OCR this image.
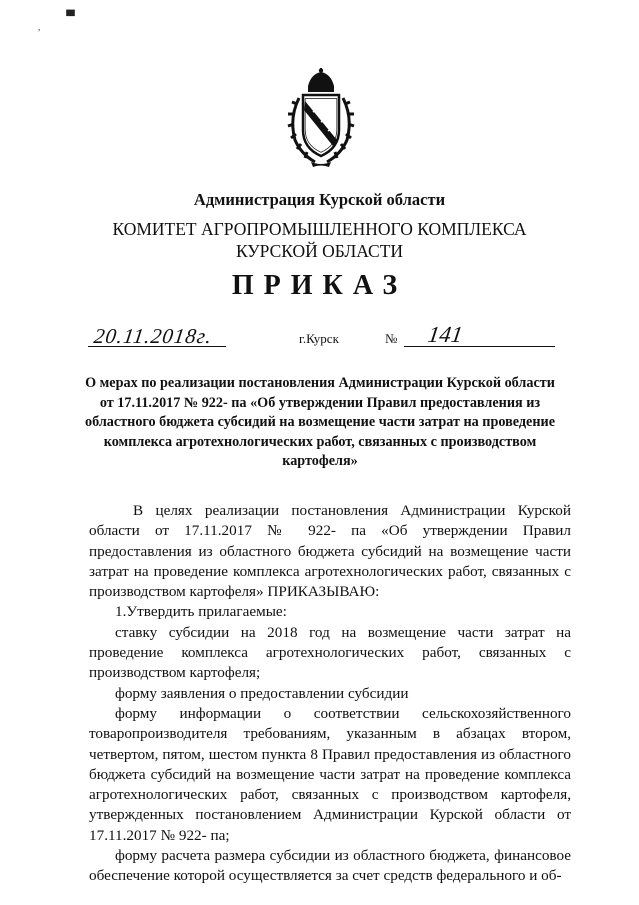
▝▘
,
Администрация Курской области
КОМИТЕТ АГРОПРОМЫШЛЕННОГО КОМПЛЕКСА
КУРСКОЙ ОБЛАСТИ
ПРИКАЗ
20.11.2018г.	г.Курск	№ 141
О мерах по реализации постановления Администрации Курской области от 17.11.2017 № 922- па «Об утверждении Правил предоставления из областного бюджета субсидий на возмещение части затрат на проведение комплекса агротехнологических работ, связанных с производством картофеля»

В целях реализации постановления Администрации Курской области от 17.11.2017 № 922- па «Об утверждении Правил предоставления из областного бюджета субсидий на возмещение части затрат на проведение комплекса агротехнологических работ, связанных с производством картофеля» ПРИКАЗЫВАЮ:

1.Утвердить прилагаемые:

ставку субсидии на 2018 год на возмещение части затрат на проведение комплекса агротехнологических работ, связанных с производством картофеля;

форму заявления о предоставлении субсидии

форму информации о соответствии сельскохозяйственного товаропроизводителя требованиям, указанным в абзацах втором, четвертом, пятом, шестом пункта 8 Правил предоставления из областного бюджета субсидий на возмещение части затрат на проведение комплекса агротехнологических работ, связанных с производством картофеля, утвержденных постановлением Администрации Курской области от 17.11.2017 № 922- па;

форму расчета размера субсидии из областного бюджета, финансовое обеспечение которой осуществляется за счет средств федерального и об-
